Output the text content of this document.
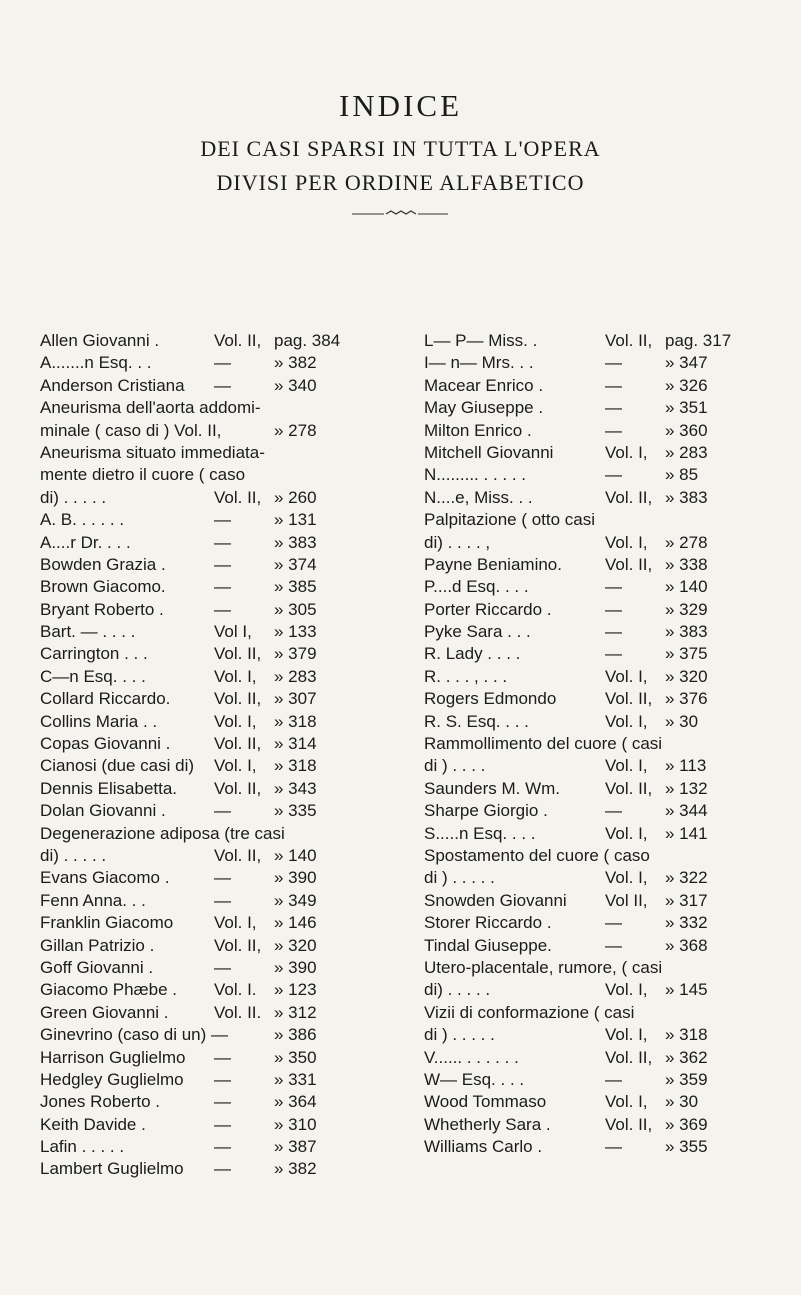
INDICE
DEI CASI SPARSI IN TUTTA L'OPERA
DIVISI PER ORDINE ALFABETICO
Allen Giovanni .	Vol. II, pag. 384
A.......n Esq. . .	—	» 382
Anderson Cristiana —	» 340
Aneurisma dell'aorta addomi-
minale ( caso di ) Vol. II,	» 278
Aneurisma situato immediata-
mente dietro il cuore ( caso
di) . . . . .	Vol. II, » 260
A. B. . . . . .	—	» 131
A....r Dr. . . .	—	» 383
Bowden Grazia .	—	» 374
Brown Giacomo.	—	» 385
Bryant Roberto .	—	» 305
Bart. — . . . .	Vol I, » 133
Carrington . . .	Vol. II, » 379
C—n Esq. . . .	Vol. I, » 283
Collard Riccardo.	Vol. II, » 307
Collins Maria . .	Vol. I, » 318
Copas Giovanni .	Vol. II, » 314
Cianosi (due casi di) Vol. I, » 318
Dennis Elisabetta. Vol. II, » 343
Dolan Giovanni .	—	» 335
Degenerazione adiposa (tre casi
di) . . . . .	Vol. II, » 140
Evans Giacomo .	—	» 390
Fenn Anna. . .	—	» 349
Franklin Giacomo Vol. I, » 146
Gillan Patrizio .	Vol. II, » 320
Goff Giovanni .	—	» 390
Giacomo Phæbe . Vol. I. » 123
Green Giovanni .	Vol. II. » 312
Ginevrino (caso di un) —	» 386
Harrison Guglielmo —	» 350
Hedgley Guglielmo —	» 331
Jones Roberto .	—	» 364
Keith Davide .	—	» 310
Lafin . . . . .	—	» 387
Lambert Guglielmo —	» 382
L— P— Miss. .	Vol. II, pag. 317
I— n— Mrs. . .	—	» 347
Macear Enrico .	—	» 326
May Giuseppe .	—	» 351
Milton Enrico .	—	» 360
Mitchell Giovanni	Vol. I, » 283
N......... . . . . .	—	» 85
N....e, Miss. . .	Vol. II, » 383
Palpitazione ( otto casi
di) . . . . ,	Vol. I, » 278
Payne Beniamino.	Vol. II, » 338
P....d Esq. . . .	—	» 140
Porter Riccardo .	—	» 329
Pyke Sara . . .	—	» 383
R. Lady . . . .	—	» 375
R. . . . , . . .	Vol. I, » 320
Rogers Edmondo	Vol. II, » 376
R. S. Esq. . . .	Vol. I, » 30
Rammollimento del cuore ( casi
di ) . . . .	Vol. I, » 113
Saunders M. Wm.	Vol. II, » 132
Sharpe Giorgio .	—	» 344
S.....n Esq. . . .	Vol. I, » 141
Spostamento del cuore ( caso
di ) . . . . .	Vol. I, » 322
Snowden Giovanni Vol II, » 317
Storer Riccardo .	—	» 332
Tindal Giuseppe.	—	» 368
Utero-placentale, rumore, ( casi
di) . . . . .	Vol. I, » 145
Vizii di conformazione ( casi
di ) . . . . .	Vol. I, » 318
V...... . . . . . .	Vol. II, » 362
W— Esq. . . .	—	» 359
Wood Tommaso	Vol. I, » 30
Whetherly Sara .	Vol. II, » 369
Williams Carlo .	—	» 355
